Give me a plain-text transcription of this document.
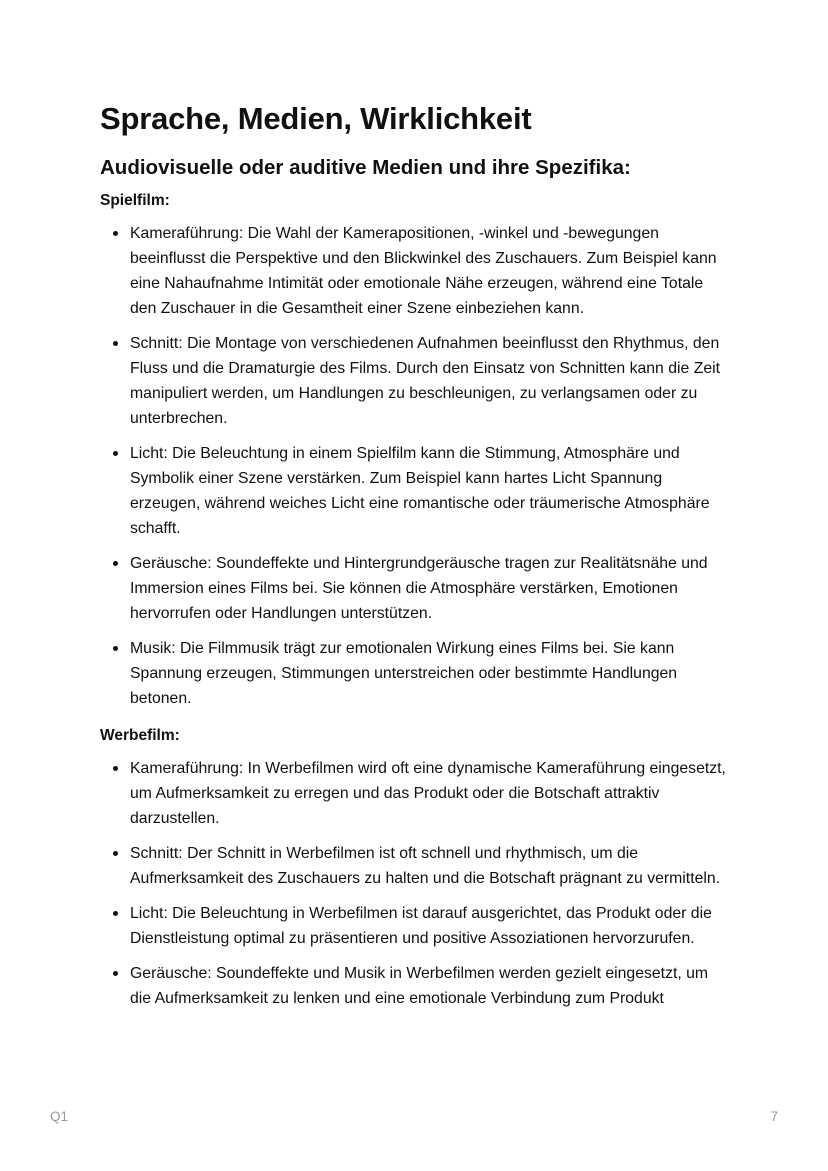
Sprache, Medien, Wirklichkeit
Audiovisuelle oder auditive Medien und ihre Spezifika:
Spielfilm:
Kameraführung: Die Wahl der Kamerapositionen, -winkel und -bewegungen beeinflusst die Perspektive und den Blickwinkel des Zuschauers. Zum Beispiel kann eine Nahaufnahme Intimität oder emotionale Nähe erzeugen, während eine Totale den Zuschauer in die Gesamtheit einer Szene einbeziehen kann.
Schnitt: Die Montage von verschiedenen Aufnahmen beeinflusst den Rhythmus, den Fluss und die Dramaturgie des Films. Durch den Einsatz von Schnitten kann die Zeit manipuliert werden, um Handlungen zu beschleunigen, zu verlangsamen oder zu unterbrechen.
Licht: Die Beleuchtung in einem Spielfilm kann die Stimmung, Atmosphäre und Symbolik einer Szene verstärken. Zum Beispiel kann hartes Licht Spannung erzeugen, während weiches Licht eine romantische oder träumerische Atmosphäre schafft.
Geräusche: Soundeffekte und Hintergrundgeräusche tragen zur Realitätsnähe und Immersion eines Films bei. Sie können die Atmosphäre verstärken, Emotionen hervorrufen oder Handlungen unterstützen.
Musik: Die Filmmusik trägt zur emotionalen Wirkung eines Films bei. Sie kann Spannung erzeugen, Stimmungen unterstreichen oder bestimmte Handlungen betonen.
Werbefilm:
Kameraführung: In Werbefilmen wird oft eine dynamische Kameraführung eingesetzt, um Aufmerksamkeit zu erregen und das Produkt oder die Botschaft attraktiv darzustellen.
Schnitt: Der Schnitt in Werbefilmen ist oft schnell und rhythmisch, um die Aufmerksamkeit des Zuschauers zu halten und die Botschaft prägnant zu vermitteln.
Licht: Die Beleuchtung in Werbefilmen ist darauf ausgerichtet, das Produkt oder die Dienstleistung optimal zu präsentieren und positive Assoziationen hervorzurufen.
Geräusche: Soundeffekte und Musik in Werbefilmen werden gezielt eingesetzt, um die Aufmerksamkeit zu lenken und eine emotionale Verbindung zum Produkt
Q1	7
